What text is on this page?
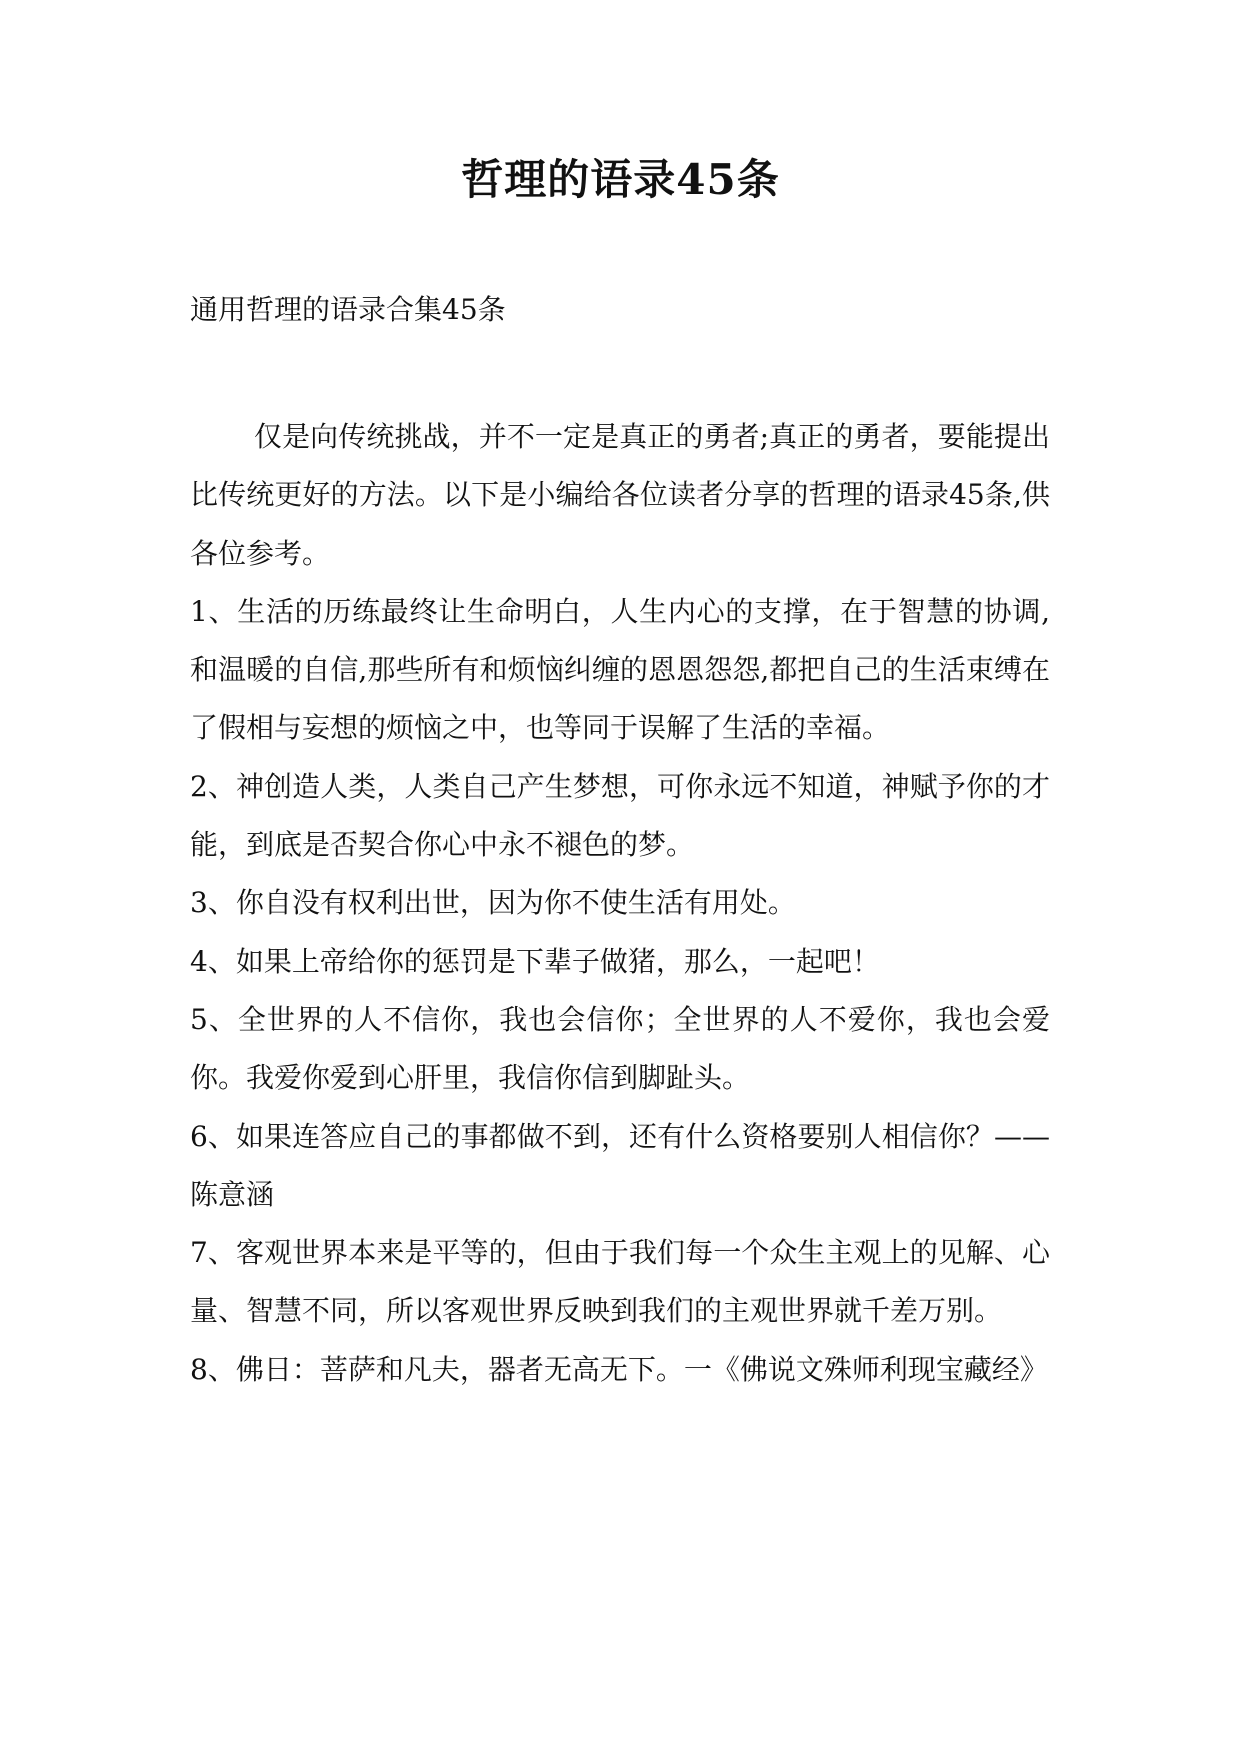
哲理的语录45条
通用哲理的语录合集45条

仅是向传统挑战，并不一定是真正的勇者;真正的勇者，要能提出比传统更好的方法。以下是小编给各位读者分享的哲理的语录45条,供各位参考。

1、生活的历练最终让生命明白，人生内心的支撑，在于智慧的协调,和温暖的自信,那些所有和烦恼纠缠的恩恩怨怨,都把自己的生活束缚在了假相与妄想的烦恼之中，也等同于误解了生活的幸福。

2、神创造人类，人类自己产生梦想，可你永远不知道，神赋予你的才能，到底是否契合你心中永不褪色的梦。

3、你自没有权利出世，因为你不使生活有用处。

4、如果上帝给你的惩罚是下辈子做猪，那么，一起吧！

5、全世界的人不信你，我也会信你；全世界的人不爱你，我也会爱你。我爱你爱到心肝里，我信你信到脚趾头。

6、如果连答应自己的事都做不到，还有什么资格要别人相信你？——陈意涵

7、客观世界本来是平等的，但由于我们每一个众生主观上的见解、心量、智慧不同，所以客观世界反映到我们的主观世界就千差万别。

8、佛日：菩萨和凡夫，器者无高无下。一《佛说文殊师利现宝藏经》
